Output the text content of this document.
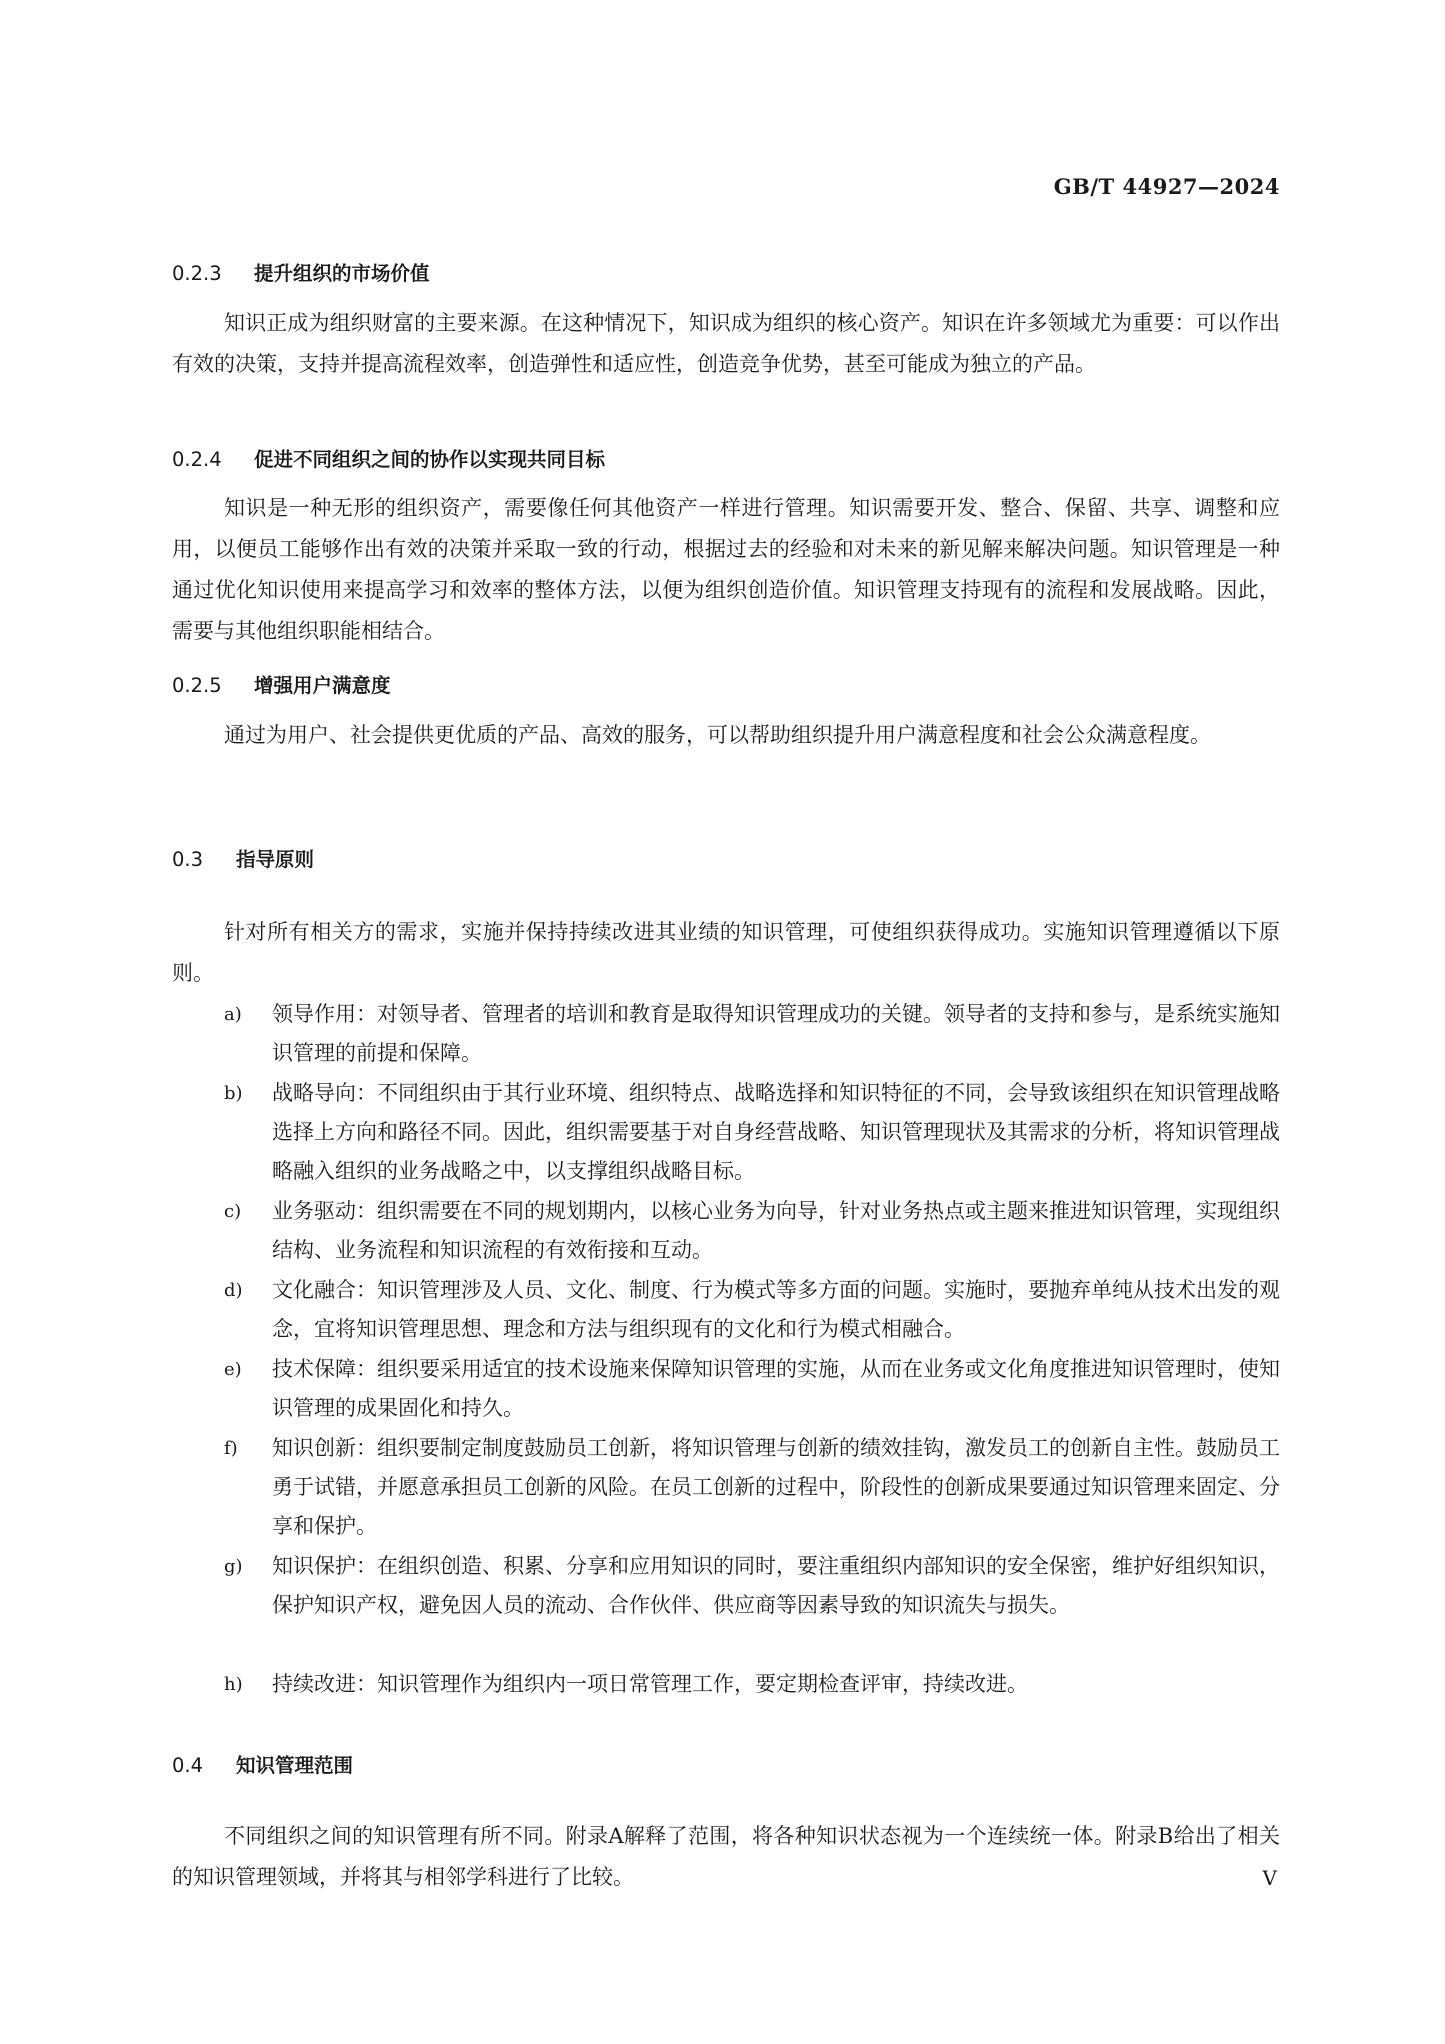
GB/T 44927—2024
0.2.3 提升组织的市场价值

知识正成为组织财富的主要来源。在这种情况下，知识成为组织的核心资产。知识在许多领域尤为重要：可以作出有效的决策，支持并提高流程效率，创造弹性和适应性，创造竞争优势，甚至可能成为独立的产品。

0.2.4 促进不同组织之间的协作以实现共同目标

知识是一种无形的组织资产，需要像任何其他资产一样进行管理。知识需要开发、整合、保留、共享、调整和应用，以便员工能够作出有效的决策并采取一致的行动，根据过去的经验和对未来的新见解来解决问题。知识管理是一种通过优化知识使用来提高学习和效率的整体方法，以便为组织创造价值。知识管理支持现有的流程和发展战略。因此，需要与其他组织职能相结合。

0.2.5 增强用户满意度

通过为用户、社会提供更优质的产品、高效的服务，可以帮助组织提升用户满意程度和社会公众满意程度。

0.3 指导原则

针对所有相关方的需求，实施并保持持续改进其业绩的知识管理，可使组织获得成功。实施知识管理遵循以下原则。

a) 领导作用：对领导者、管理者的培训和教育是取得知识管理成功的关键。领导者的支持和参与，是系统实施知识管理的前提和保障。
b) 战略导向：不同组织由于其行业环境、组织特点、战略选择和知识特征的不同，会导致该组织在知识管理战略选择上方向和路径不同。因此，组织需要基于对自身经营战略、知识管理现状及其需求的分析，将知识管理战略融入组织的业务战略之中，以支撑组织战略目标。
c) 业务驱动：组织需要在不同的规划期内，以核心业务为向导，针对业务热点或主题来推进知识管理，实现组织结构、业务流程和知识流程的有效衔接和互动。
d) 文化融合：知识管理涉及人员、文化、制度、行为模式等多方面的问题。实施时，要抛弃单纯从技术出发的观念，宜将知识管理思想、理念和方法与组织现有的文化和行为模式相融合。
e) 技术保障：组织要采用适宜的技术设施来保障知识管理的实施，从而在业务或文化角度推进知识管理时，使知识管理的成果固化和持久。
f) 知识创新：组织要制定制度鼓励员工创新，将知识管理与创新的绩效挂钩，激发员工的创新自主性。鼓励员工勇于试错，并愿意承担员工创新的风险。在员工创新的过程中，阶段性的创新成果要通过知识管理来固定、分享和保护。
g) 知识保护：在组织创造、积累、分享和应用知识的同时，要注重组织内部知识的安全保密，维护好组织知识，保护知识产权，避免因人员的流动、合作伙伴、供应商等因素导致的知识流失与损失。
h) 持续改进：知识管理作为组织内一项日常管理工作，要定期检查评审，持续改进。
0.4 知识管理范围

不同组织之间的知识管理有所不同。附录A解释了范围，将各种知识状态视为一个连续统一体。附录B给出了相关的知识管理领域，并将其与相邻学科进行了比较。	V
